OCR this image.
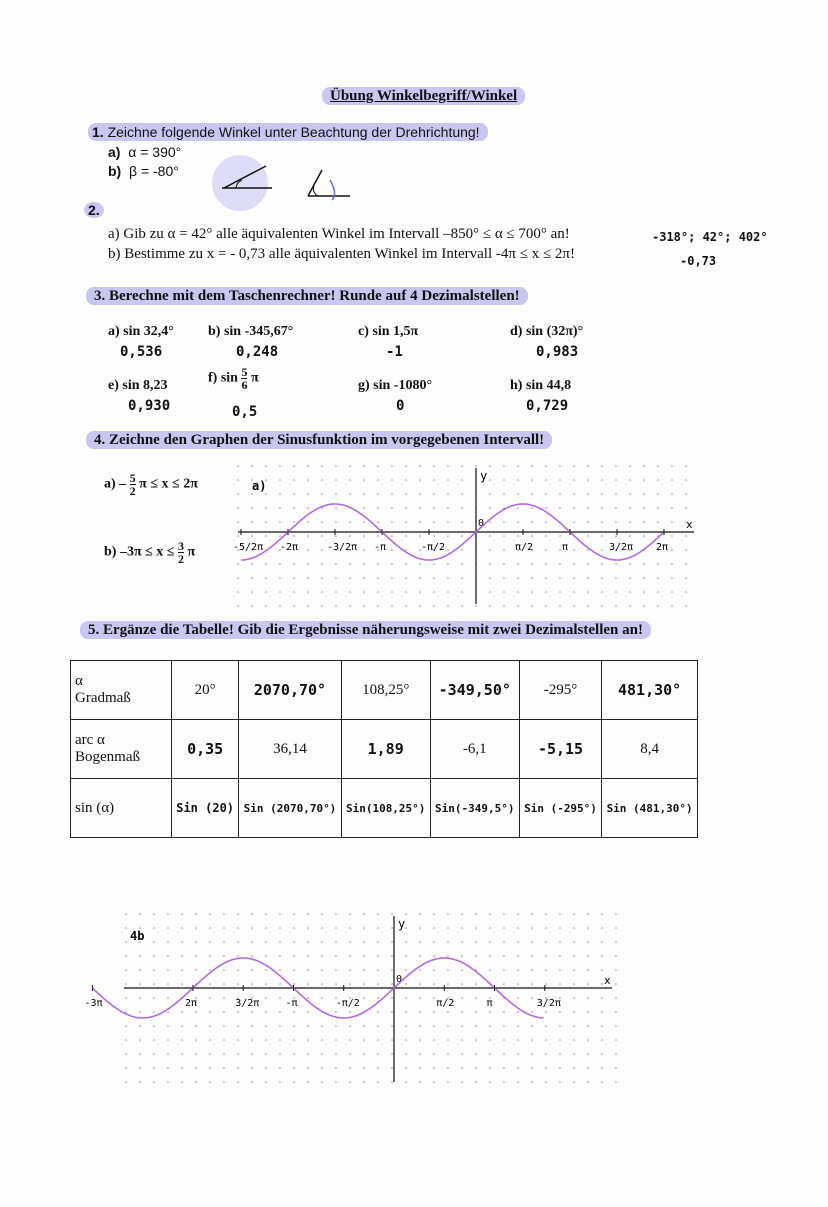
Übung Winkelbegriff/Winkel
1. Zeichne folgende Winkel unter Beachtung der Drehrichtung!
a) α = 390°
b) β = -80°
2.
a) Gib zu α = 42° alle äquivalenten Winkel im Intervall –850° ≤ α ≤ 700° an!	-318°; 42°; 402°
b) Bestimme zu x = - 0,73 alle äquivalenten Winkel im Intervall -4π ≤ x ≤ 2π!	-0,73
3. Berechne mit dem Taschenrechner! Runde auf 4 Dezimalstellen!
a) sin 32,4°
0,536
b) sin -345,67°
0,248
c) sin 1,5π
-1
d) sin (32π)°
0,983
e) sin 8,23
0,930
f) $\sin \frac{5}{6}$ π
0,5
g) sin -1080°
0
h) sin 44,8
0,729
4. Zeichne den Graphen der Sinusfunktion im vorgegebenen Intervall!
$a) - \frac{5}{2}$ π ≤ x ≤ 2π
b) $-3\pi \le x \le \frac{3}{2}$ π
y
x
0
a)
-5/2π -2π	-3/2π -π	-π/2	π/2	π	3/2π 2π
5. Ergänze die Tabelle! Gib die Ergebnisse näherungsweise mit zwei Dezimalstellen an!
α
Gradmaß	20°	2070,70°	108,25°	-349,50°	-295°	481,30°
arc α
Bogenmaß	0,35	36,14	1,89	-6,1	-5,15	8,4
sin (α)	Sin (20)	Sin (2070,70°)	Sin(108,25°)	Sin(-349,5°)	Sin (-295°)	Sin (481,30°)
y
x
0
4b
-3π	2π	3/2π	-π	-π/2	π/2	π	3/2π
